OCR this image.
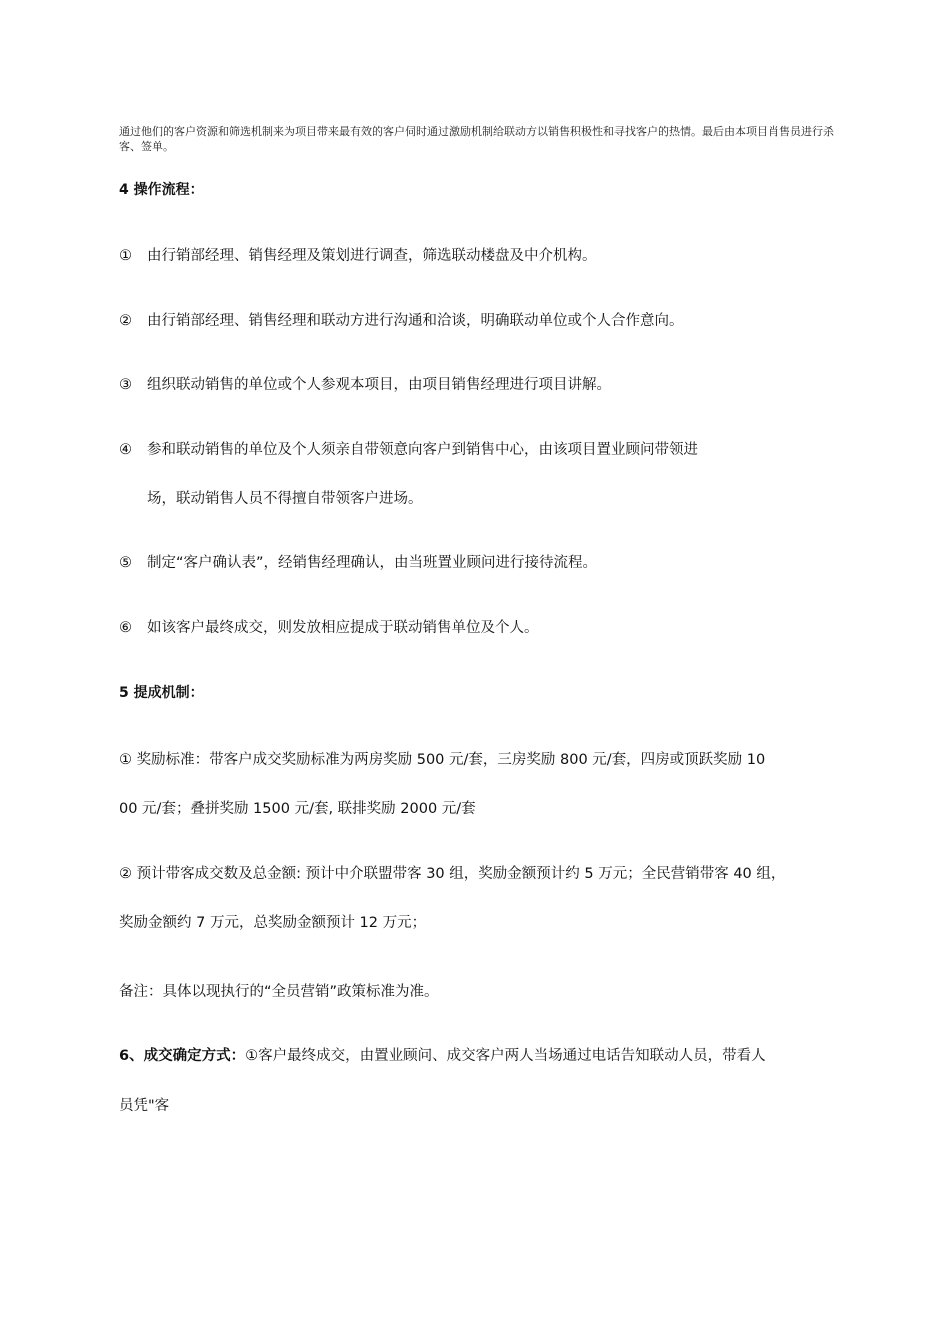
通过他们的客户资源和筛选机制来为项目带来最有效的客户伺时通过激励机制给联动方以销售积极性和寻找客户的热情。最后由本项目肖售员进行杀客、签单。
4 操作流程：
① 由行销部经理、销售经理及策划进行调查，筛选联动楼盘及中介机构。
② 由行销部经理、销售经理和联动方进行沟通和洽谈，明确联动单位或个人合作意向。
③ 组织联动销售的单位或个人参观本项目，由项目销售经理进行项目讲解。
④ 参和联动销售的单位及个人须亲自带领意向客户到销售中心，由该项目置业顾问带领进
场，联动销售人员不得擅自带领客户进场。
⑤ 制定“客户确认表”，经销售经理确认，由当班置业顾问进行接待流程。
⑥ 如该客户最终成交，则发放相应提成于联动销售单位及个人。
5 提成机制：
① 奖励标准：带客户成交奖励标准为两房奖励 500 元/套，三房奖励 800 元/套，四房或顶跃奖励 10
00 元/套；叠拼奖励 1500 元/套, 联排奖励 2000 元/套
② 预计带客成交数及总金额: 预计中介联盟带客 30 组，奖励金额预计约 5 万元；全民营销带客 40 组，
奖励金额约 7 万元，总奖励金额预计 12 万元；
备注：具体以现执行的“全员营销”政策标准为准。
6、成交确定方式：①客户最终成交，由置业顾问、成交客户两人当场通过电话告知联动人员，带看人
员凭"客
